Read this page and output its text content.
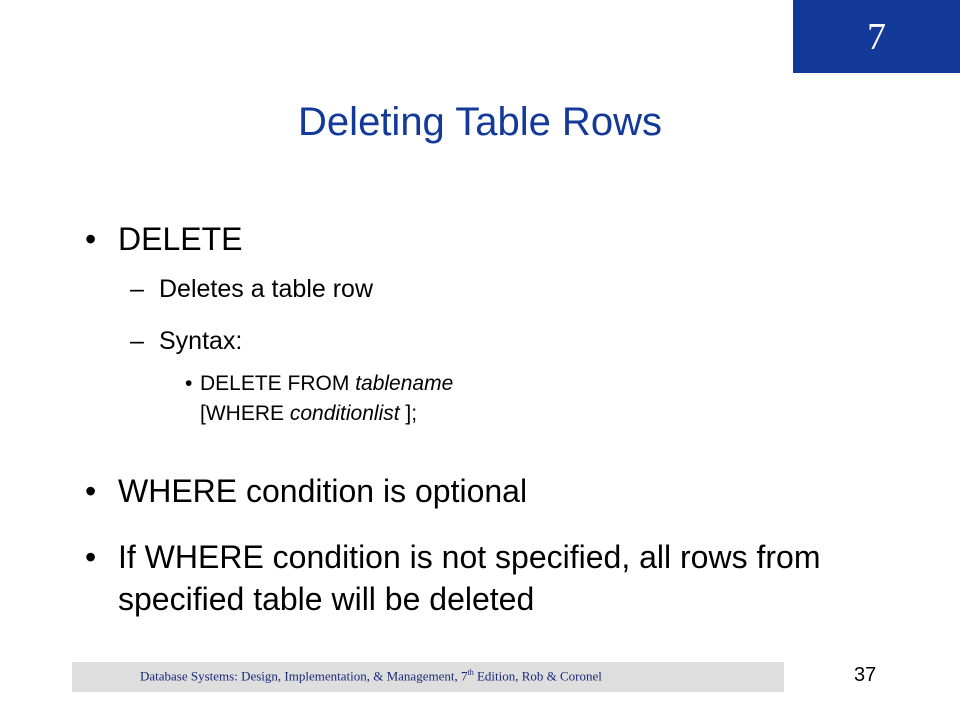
7
Deleting Table Rows
• DELETE
– Deletes a table row
– Syntax:
• DELETE FROM tablename
[WHERE conditionlist ];
• WHERE condition is optional
• If WHERE condition is not specified, all rows from specified table will be deleted
Database Systems: Design, Implementation, & Management, 7th Edition, Rob & Coronel	37
